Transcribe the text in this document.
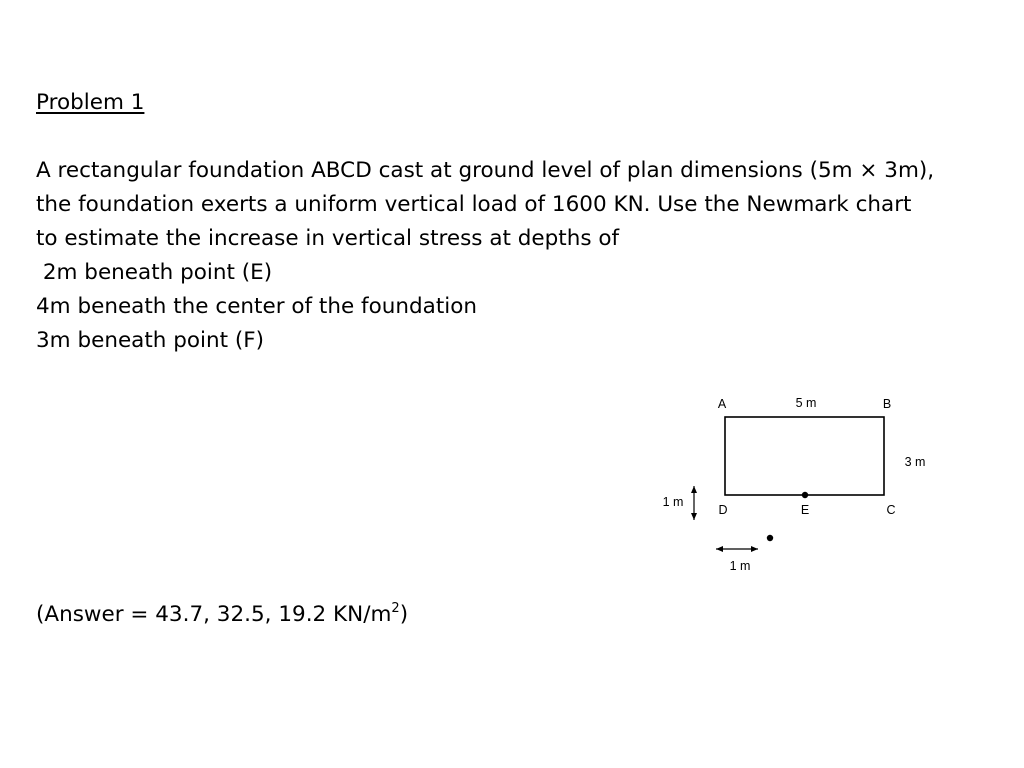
Problem 1
A rectangular foundation ABCD cast at ground level of plan dimensions (5m × 3m),
the foundation exerts a uniform vertical load of 1600 KN. Use the Newmark chart
to estimate the increase in vertical stress at depths of
2m beneath point (E)
4m beneath the center of the foundation
3m beneath point (F)
A	B
C
D
5 m
3 m
E
1 m
1 m
(Answer = 43.7, 32.5, 19.2 $KN/m^2$)
